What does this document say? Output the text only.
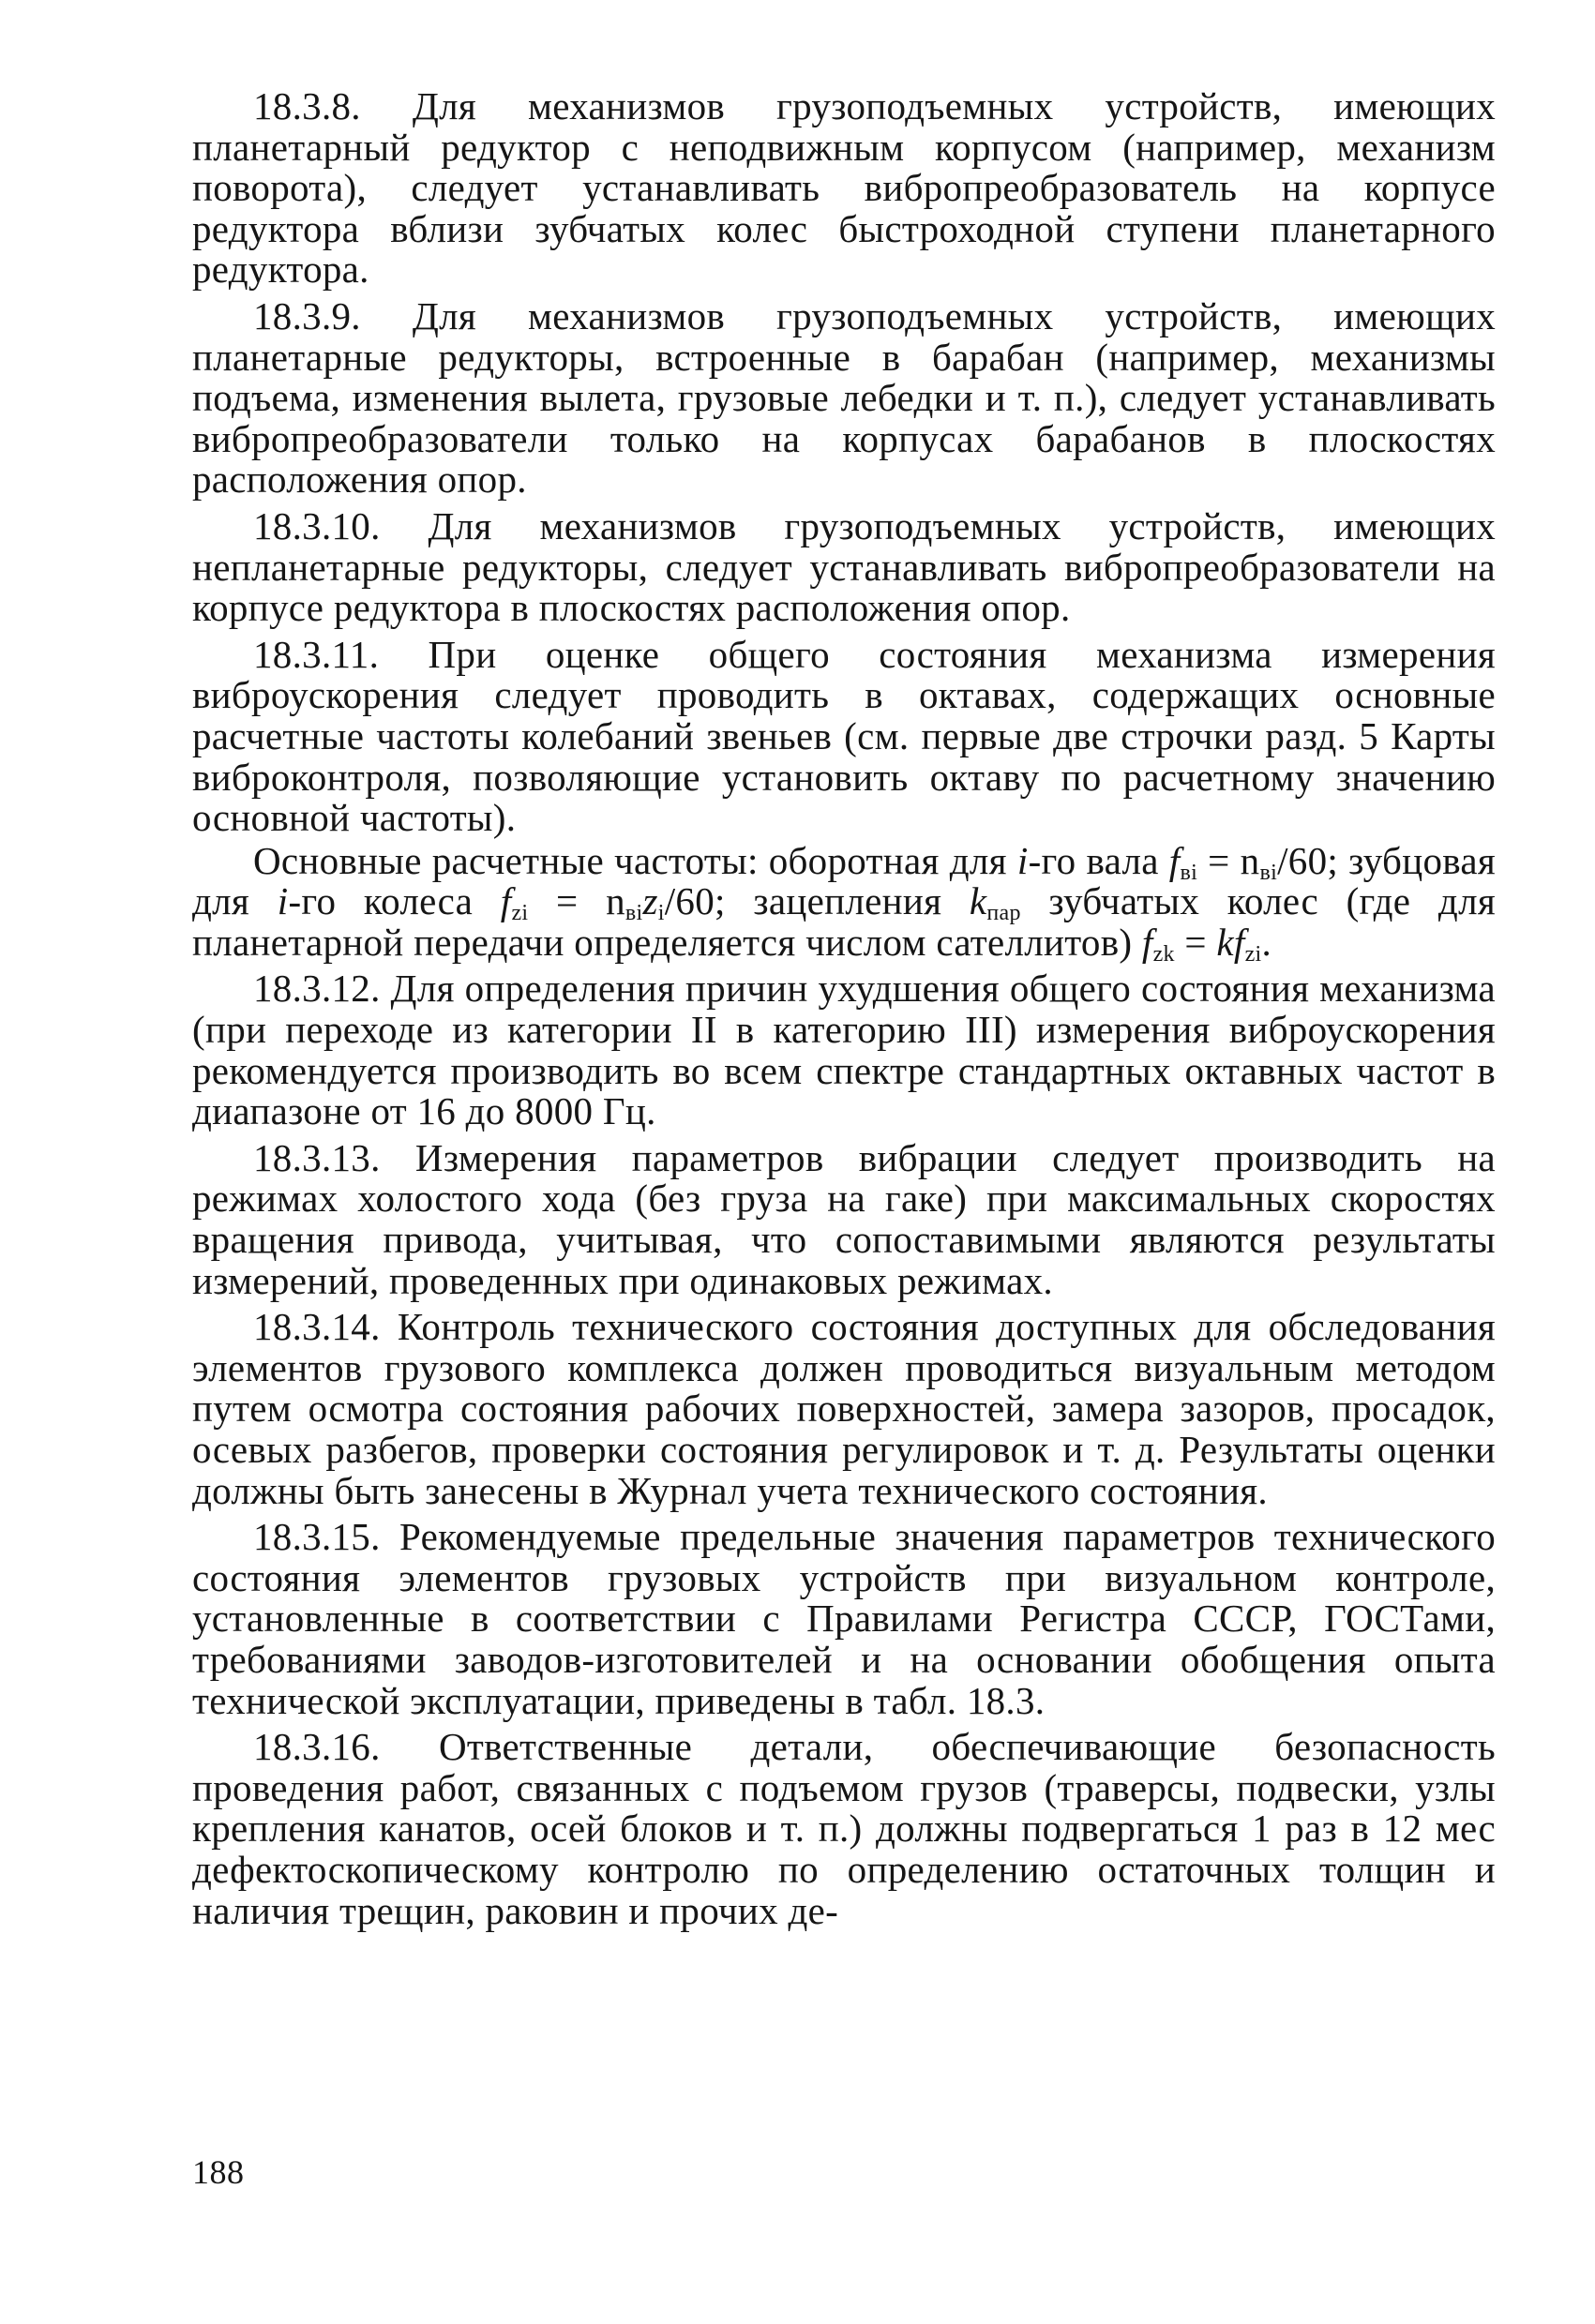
18.3.8. Для механизмов грузоподъемных устройств, имеющих планетарный редуктор с неподвижным корпусом (например, механизм поворота), следует устанавливать вибропреобразователь на корпусе редуктора вблизи зубчатых колес быстроходной ступени планетарного редуктора.

18.3.9. Для механизмов грузоподъемных устройств, имеющих планетарные редукторы, встроенные в барабан (например, механизмы подъема, изменения вылета, грузовые лебедки и т. п.), следует устанавливать вибропреобразователи только на корпусах барабанов в плоскостях расположения опор.

18.3.10. Для механизмов грузоподъемных устройств, имеющих непланетарные редукторы, следует устанавливать вибропреобразователи на корпусе редуктора в плоскостях расположения опор.

18.3.11. При оценке общего состояния механизма измерения виброускорения следует проводить в октавах, содержащих основные расчетные частоты колебаний звеньев (см. первые две строчки разд. 5 Карты виброконтроля, позволяющие установить октаву по расчетному значению основной частоты).

Основные расчетные частоты: оборотная для i-го вала $f_{вi} = n_{вi}/60$; зубцовая для i-го колеса $f_{zi} = n_{вi}z_i/60$; зацепления $k_{пар}$ зубчатых колес (где для планетарной передачи определяется числом сателлитов) $f_{zk} = kf_{zi}$.

18.3.12. Для определения причин ухудшения общего состояния механизма (при переходе из категории II в категорию III) измерения виброускорения рекомендуется производить во всем спектре стандартных октавных частот в диапазоне от 16 до 8000 Гц.

18.3.13. Измерения параметров вибрации следует производить на режимах холостого хода (без груза на гаке) при максимальных скоростях вращения привода, учитывая, что сопоставимыми являются результаты измерений, проведенных при одинаковых режимах.

18.3.14. Контроль технического состояния доступных для обследования элементов грузового комплекса должен проводиться визуальным методом путем осмотра состояния рабочих поверхностей, замера зазоров, просадок, осевых разбегов, проверки состояния регулировок и т. д. Результаты оценки должны быть занесены в Журнал учета технического состояния.

18.3.15. Рекомендуемые предельные значения параметров технического состояния элементов грузовых устройств при визуальном контроле, установленные в соответствии с Правилами Регистра СССР, ГОСТами, требованиями заводов-изготовителей и на основании обобщения опыта технической эксплуатации, приведены в табл. 18.3.

18.3.16. Ответственные детали, обеспечивающие безопасность проведения работ, связанных с подъемом грузов (траверсы, подвески, узлы крепления канатов, осей блоков и т. п.) должны подвергаться 1 раз в 12 мес дефектоскопическому контролю по определению остаточных толщин и наличия трещин, раковин и прочих де-

188
